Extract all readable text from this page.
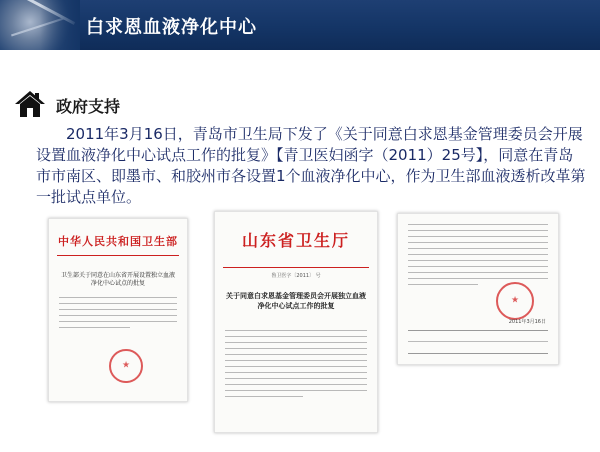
白求恩血液净化中心
政府支持

2011年3月16日，青岛市卫生局下发了《关于同意白求恩基金管理委员会开展设置血液净化中心试点工作的批复》【青卫医妇函字（2011）25号】，同意在青岛市市南区、即墨市、和胶州市各设置1个血液净化中心，作为卫生部血液透析改革第一批试点单位。

中华人民共和国卫生部
卫生部关于同意在山东省开展设置独立血液净化中心试点的批复
★
山东省卫生厅
鲁卫医字〔2011〕 号
关于同意白求恩基金管理委员会开展独立血液净化中心试点工作的批复
★
2011年3月16日
